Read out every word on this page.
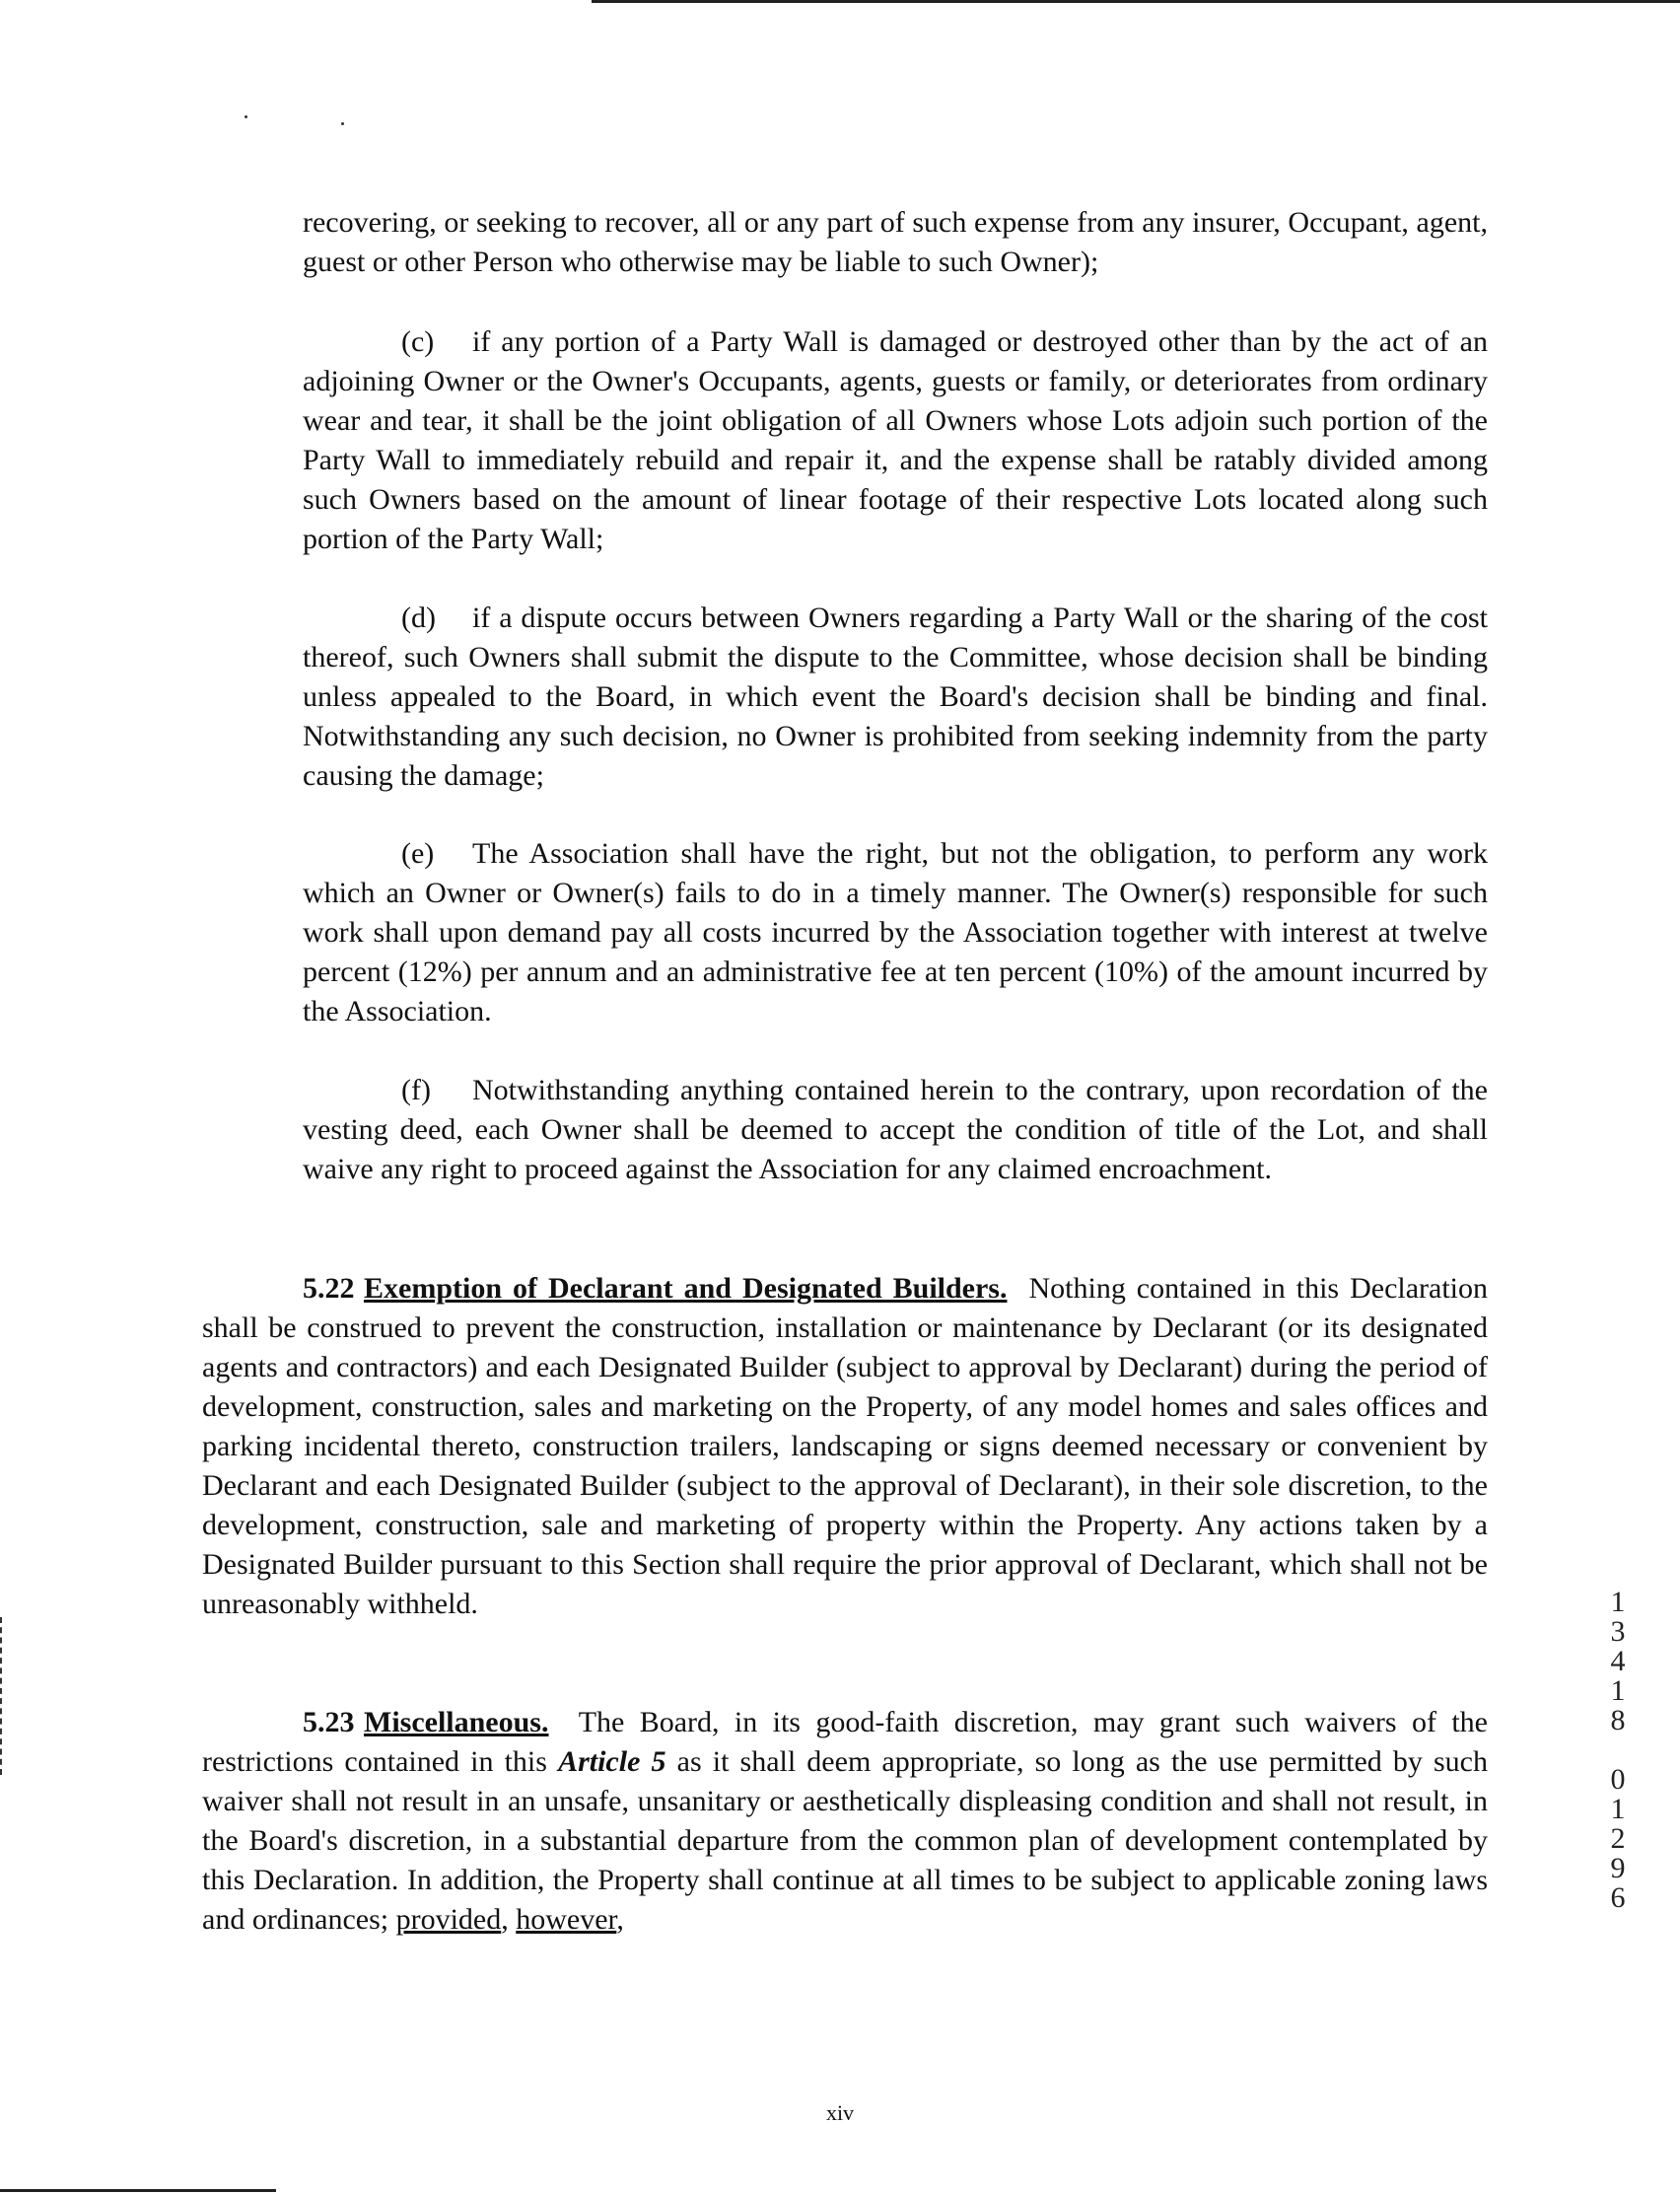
recovering, or seeking to recover, all or any part of such expense from any insurer, Occupant, agent, guest or other Person who otherwise may be liable to such Owner);

(c) if any portion of a Party Wall is damaged or destroyed other than by the act of an adjoining Owner or the Owner's Occupants, agents, guests or family, or deteriorates from ordinary wear and tear, it shall be the joint obligation of all Owners whose Lots adjoin such portion of the Party Wall to immediately rebuild and repair it, and the expense shall be ratably divided among such Owners based on the amount of linear footage of their respective Lots located along such portion of the Party Wall;

(d) if a dispute occurs between Owners regarding a Party Wall or the sharing of the cost thereof, such Owners shall submit the dispute to the Committee, whose decision shall be binding unless appealed to the Board, in which event the Board's decision shall be binding and final. Notwithstanding any such decision, no Owner is prohibited from seeking indemnity from the party causing the damage;

(e) The Association shall have the right, but not the obligation, to perform any work which an Owner or Owner(s) fails to do in a timely manner. The Owner(s) responsible for such work shall upon demand pay all costs incurred by the Association together with interest at twelve percent (12%) per annum and an administrative fee at ten percent (10%) of the amount incurred by the Association.

(f) Notwithstanding anything contained herein to the contrary, upon recordation of the vesting deed, each Owner shall be deemed to accept the condition of title of the Lot, and shall waive any right to proceed against the Association for any claimed encroachment.

5.22 Exemption of Declarant and Designated Builders. Nothing contained in this Declaration shall be construed to prevent the construction, installation or maintenance by Declarant (or its designated agents and contractors) and each Designated Builder (subject to approval by Declarant) during the period of development, construction, sales and marketing on the Property, of any model homes and sales offices and parking incidental thereto, construction trailers, landscaping or signs deemed necessary or convenient by Declarant and each Designated Builder (subject to the approval of Declarant), in their sole discretion, to the development, construction, sale and marketing of property within the Property. Any actions taken by a Designated Builder pursuant to this Section shall require the prior approval of Declarant, which shall not be unreasonably withheld.

5.23 Miscellaneous. The Board, in its good-faith discretion, may grant such waivers of the restrictions contained in this Article 5 as it shall deem appropriate, so long as the use permitted by such waiver shall not result in an unsafe, unsanitary or aesthetically displeasing condition and shall not result, in the Board's discretion, in a substantial departure from the common plan of development contemplated by this Declaration. In addition, the Property shall continue at all times to be subject to applicable zoning laws and ordinances; provided, however,

xiv
1
3
4
1
8

0
1
2
9
6
